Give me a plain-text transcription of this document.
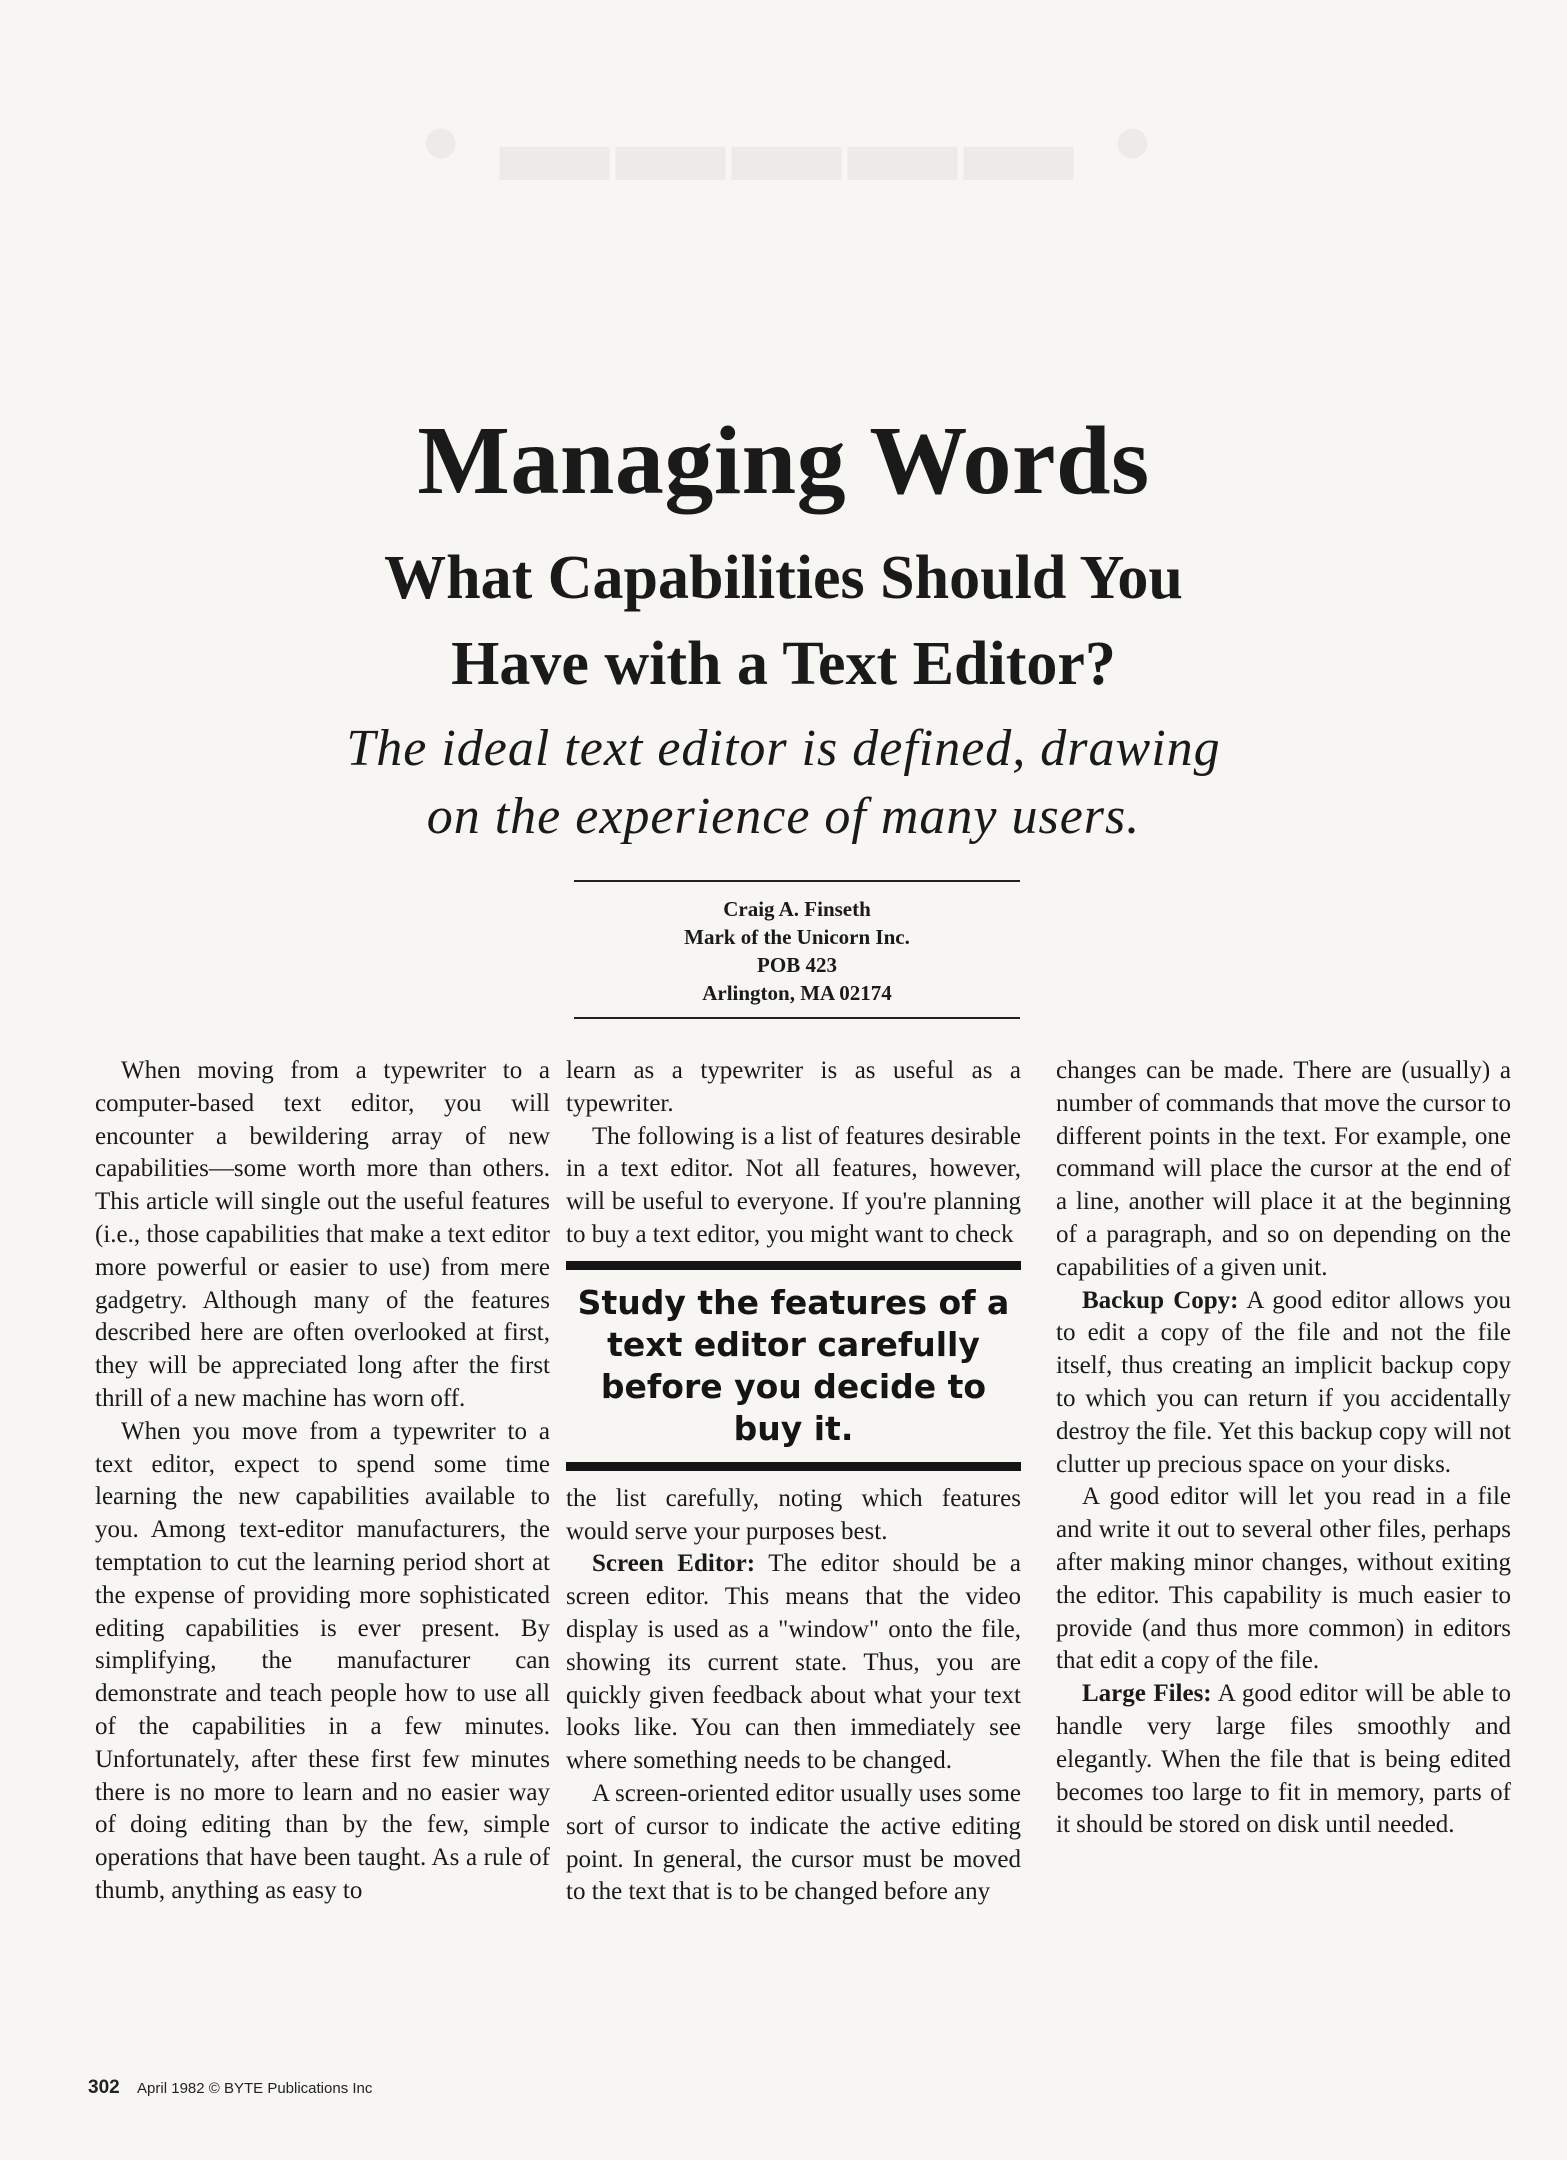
• ▬▬▬▬▬ •
Managing Words
What Capabilities Should You
Have with a Text Editor?

The ideal text editor is defined, drawing
on the experience of many users.

Craig A. Finseth
Mark of the Unicorn Inc.
POB 423
Arlington, MA 02174

When moving from a typewriter to a computer-based text editor, you will encounter a bewildering array of new capabilities—some worth more than others. This article will single out the useful features (i.e., those capabilities that make a text editor more powerful or easier to use) from mere gadgetry. Although many of the features described here are often overlooked at first, they will be appreciated long after the first thrill of a new machine has worn off.

When you move from a typewriter to a text editor, expect to spend some time learning the new capabilities available to you. Among text-editor manufacturers, the temptation to cut the learning period short at the expense of providing more sophisticated editing capabilities is ever present. By simplifying, the manufacturer can demonstrate and teach people how to use all of the capabilities in a few minutes. Unfortunately, after these first few minutes there is no more to learn and no easier way of doing editing than by the few, simple operations that have been taught. As a rule of thumb, anything as easy to

learn as a typewriter is as useful as a typewriter.

The following is a list of features desirable in a text editor. Not all features, however, will be useful to everyone. If you're planning to buy a text editor, you might want to check

Study the features of a text editor carefully before you decide to buy it.

the list carefully, noting which features would serve your purposes best.

Screen Editor: The editor should be a screen editor. This means that the video display is used as a "window" onto the file, showing its current state. Thus, you are quickly given feedback about what your text looks like. You can then immediately see where something needs to be changed.

A screen-oriented editor usually uses some sort of cursor to indicate the active editing point. In general, the cursor must be moved to the text that is to be changed before any

changes can be made. There are (usually) a number of commands that move the cursor to different points in the text. For example, one command will place the cursor at the end of a line, another will place it at the beginning of a paragraph, and so on depending on the capabilities of a given unit.

Backup Copy: A good editor allows you to edit a copy of the file and not the file itself, thus creating an implicit backup copy to which you can return if you accidentally destroy the file. Yet this backup copy will not clutter up precious space on your disks.

A good editor will let you read in a file and write it out to several other files, perhaps after making minor changes, without exiting the editor. This capability is much easier to provide (and thus more common) in editors that edit a copy of the file.

Large Files: A good editor will be able to handle very large files smoothly and elegantly. When the file that is being edited becomes too large to fit in memory, parts of it should be stored on disk until needed.

302 April 1982 © BYTE Publications Inc
